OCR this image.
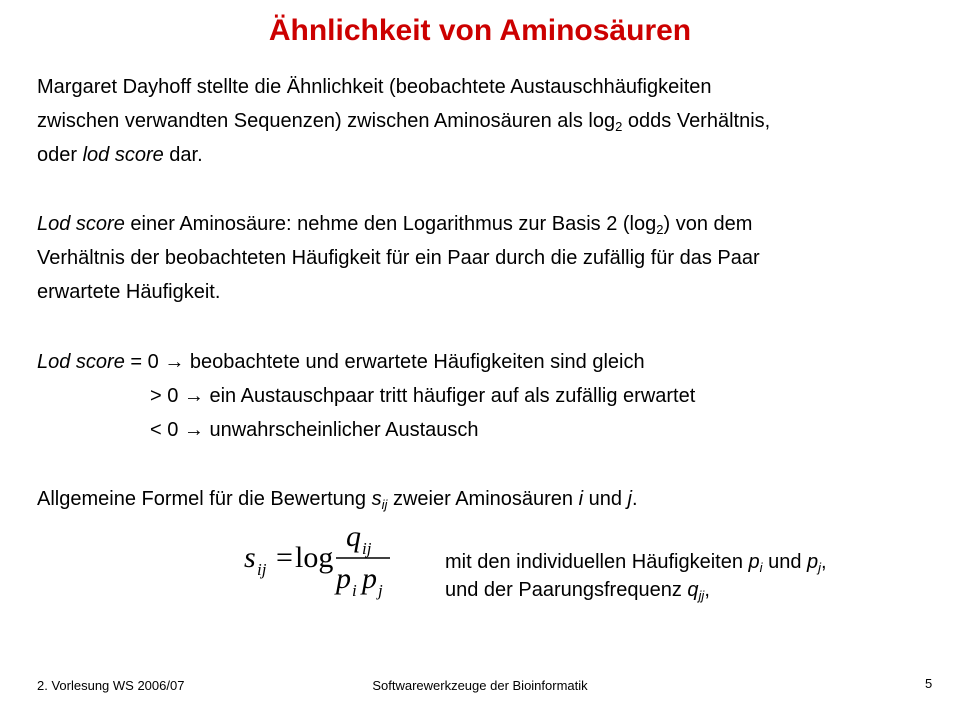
Ähnlichkeit von Aminosäuren
Margaret Dayhoff stellte die Ähnlichkeit (beobachtete Austauschhäufigkeiten
zwischen verwandten Sequenzen) zwischen Aminosäuren als $\log_2$ odds Verhältnis,
oder lod score dar.
Lod score einer Aminosäure: nehme den Logarithmus zur Basis 2 $(\log_2)$ von dem
Verhältnis der beobachteten Häufigkeit für ein Paar durch die zufällig für das Paar
erwartete Häufigkeit.
Lod score = 0 → beobachtete und erwartete Häufigkeiten sind gleich
> 0 → ein Austauschpaar tritt häufiger auf als zufällig erwartet
< 0 → unwahrscheinlicher Austausch
Allgemeine Formel für die Bewertung $s_{ij}$ zweier Aminosäuren i und j.
s ij = log
q ij
p i p j
mit den individuellen Häufigkeiten $p_i$ und $p_j$,
und der Paarungsfrequenz $q_{jj}$,
2. Vorlesung WS 2006/07	Softwarewerkzeuge der Bioinformatik	5
